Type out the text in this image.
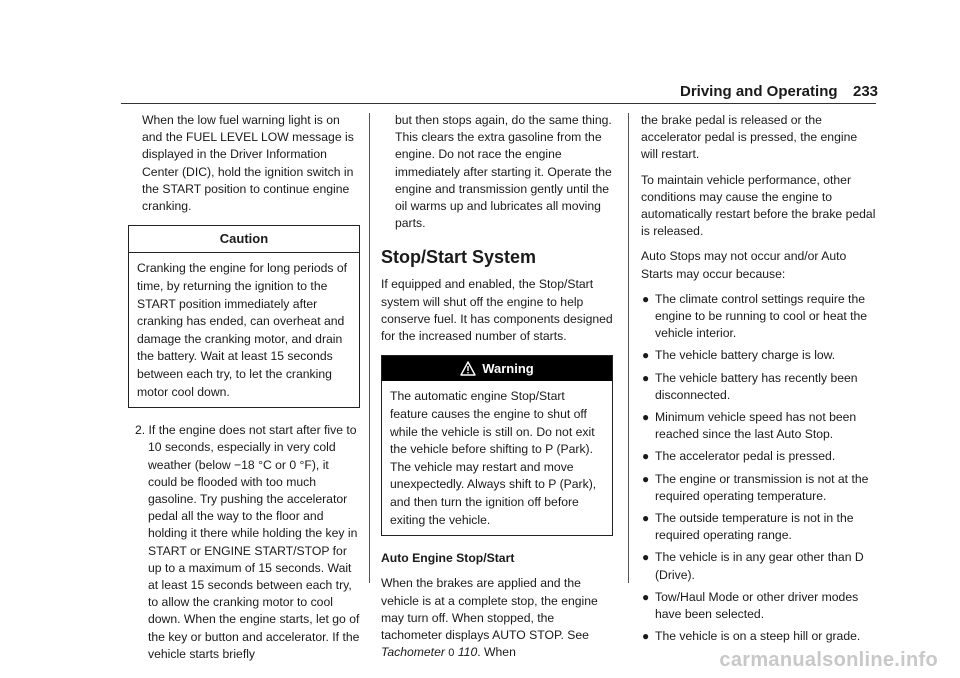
Driving and Operating 233

When the low fuel warning light is on and the FUEL LEVEL LOW message is displayed in the Driver Information Center (DIC), hold the ignition switch in the START position to continue engine cranking.

Caution
Cranking the engine for long periods of time, by returning the ignition to the START position immediately after cranking has ended, can overheat and damage the cranking motor, and drain the battery. Wait at least 15 seconds between each try, to let the cranking motor cool down.

2. If the engine does not start after five to 10 seconds, especially in very cold weather (below −18 °C or 0 °F), it could be flooded with too much gasoline. Try pushing the accelerator pedal all the way to the floor and holding it there while holding the key in START or ENGINE START/STOP for up to a maximum of 15 seconds. Wait at least 15 seconds between each try, to allow the cranking motor to cool down. When the engine starts, let go of the key or button and accelerator. If the vehicle starts briefly

but then stops again, do the same thing. This clears the extra gasoline from the engine. Do not race the engine immediately after starting it. Operate the engine and transmission gently until the oil warms up and lubricates all moving parts.

Stop/Start System

If equipped and enabled, the Stop/Start system will shut off the engine to help conserve fuel. It has components designed for the increased number of starts.

Warning
The automatic engine Stop/Start feature causes the engine to shut off while the vehicle is still on. Do not exit the vehicle before shifting to P (Park). The vehicle may restart and move unexpectedly. Always shift to P (Park), and then turn the ignition off before exiting the vehicle.

Auto Engine Stop/Start

When the brakes are applied and the vehicle is at a complete stop, the engine may turn off. When stopped, the tachometer displays AUTO STOP. See Tachometer 0 110. When

the brake pedal is released or the accelerator pedal is pressed, the engine will restart.

To maintain vehicle performance, other conditions may cause the engine to automatically restart before the brake pedal is released.

Auto Stops may not occur and/or Auto Starts may occur because:

● The climate control settings require the engine to be running to cool or heat the vehicle interior.
● The vehicle battery charge is low.
● The vehicle battery has recently been disconnected.
● Minimum vehicle speed has not been reached since the last Auto Stop.
● The accelerator pedal is pressed.
● The engine or transmission is not at the required operating temperature.
● The outside temperature is not in the required operating range.
● The vehicle is in any gear other than D (Drive).
● Tow/Haul Mode or other driver modes have been selected.
● The vehicle is on a steep hill or grade.
carmanualsonline.info
